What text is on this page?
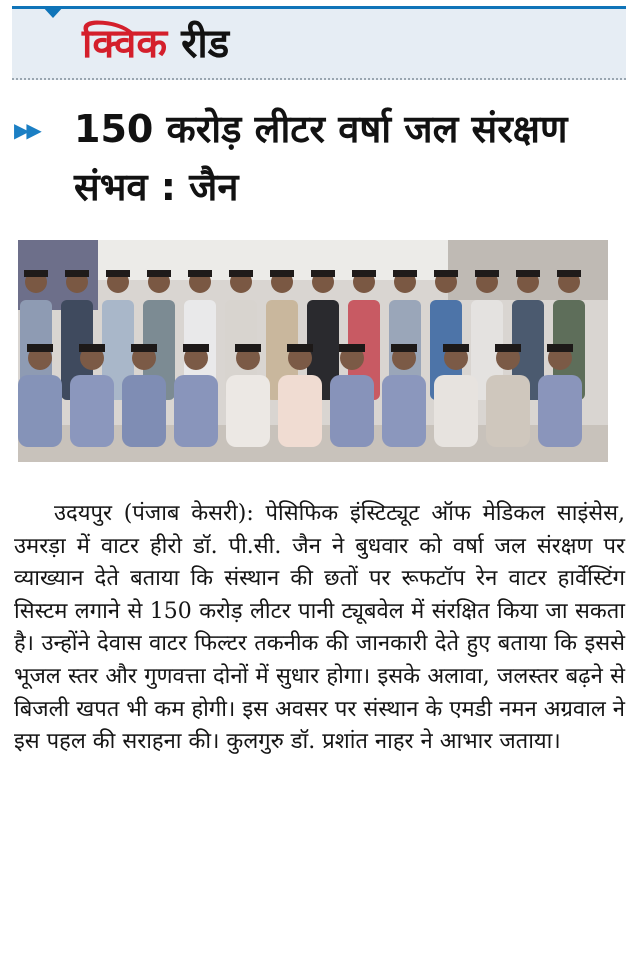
क्विक रीड
▶▶ 150 करोड़ लीटर वर्षा जल संरक्षण संभव : जैन

उदयपुर (पंजाब केसरी): पेसिफिक इंस्टिट्यूट ऑफ मेडिकल साइंसेस, उमरड़ा में वाटर हीरो डॉ. पी.सी. जैन ने बुधवार को वर्षा जल संरक्षण पर व्याख्यान देते बताया कि संस्थान की छतों पर रूफटॉप रेन वाटर हार्वेस्टिंग सिस्टम लगाने से 150 करोड़ लीटर पानी ट्यूबवेल में संरक्षित किया जा सकता है। उन्होंने देवास वाटर फिल्टर तकनीक की जानकारी देते हुए बताया कि इससे भूजल स्तर और गुणवत्ता दोनों में सुधार होगा। इसके अलावा, जलस्तर बढ़ने से बिजली खपत भी कम होगी। इस अवसर पर संस्थान के एमडी नमन अग्रवाल ने इस पहल की सराहना की। कुलगुरु डॉ. प्रशांत नाहर ने आभार जताया।
